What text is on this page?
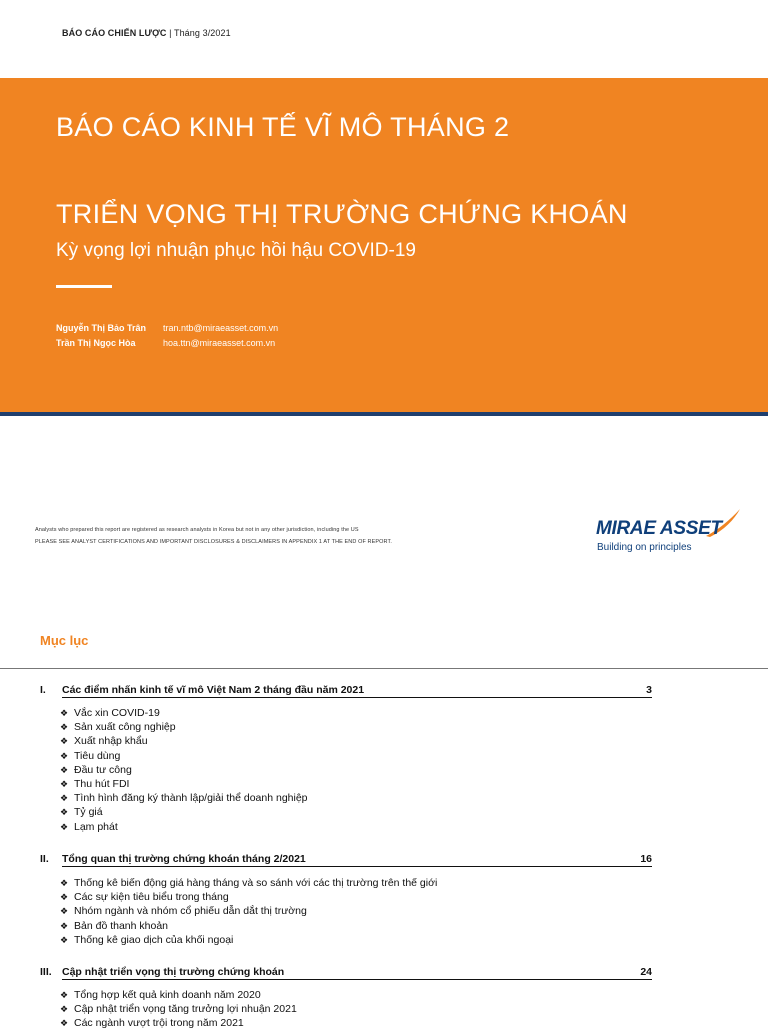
BÁO CÁO CHIẾN LƯỢC | Tháng 3/2021
BÁO CÁO KINH TẾ VĨ MÔ THÁNG 2
TRIỂN VỌNG THỊ TRƯỜNG CHỨNG KHOÁN
Kỳ vọng lợi nhuận phục hồi hậu COVID-19
Nguyễn Thị Bảo Trân tran.ntb@miraeasset.com.vn
Trần Thị Ngọc Hòa	hoa.ttn@miraeasset.com.vn
Analysts who prepared this report are registered as research analysts in Korea but not in any other jurisdiction, including the US
PLEASE SEE ANALYST CERTIFICATIONS AND IMPORTANT DISCLOSURES & DISCLAIMERS IN APPENDIX 1 AT THE END OF REPORT.
MIRAE ASSET
Building on principles
Mục lục
I. Các điểm nhấn kinh tế vĩ mô Việt Nam 2 tháng đầu năm 2021	3
❖ Vắc xin COVID-19
❖ Sản xuất công nghiệp
❖ Xuất nhập khẩu
❖ Tiêu dùng
❖ Đầu tư công
❖ Thu hút FDI
❖ Tình hình đăng ký thành lập/giải thể doanh nghiệp
❖ Tỷ giá
❖ Lạm phát
II. Tổng quan thị trường chứng khoán tháng 2/2021	16
❖ Thống kê biến động giá hàng tháng và so sánh với các thị trường trên thế giới
❖ Các sự kiện tiêu biểu trong tháng
❖ Nhóm ngành và nhóm cổ phiếu dẫn dắt thị trường
❖ Bản đồ thanh khoản
❖ Thống kê giao dịch của khối ngoại
III. Cập nhật triển vọng thị trường chứng khoán	24
❖ Tổng hợp kết quả kinh doanh năm 2020
❖ Cập nhật triển vọng tăng trưởng lợi nhuận 2021
❖ Các ngành vượt trội trong năm 2021
